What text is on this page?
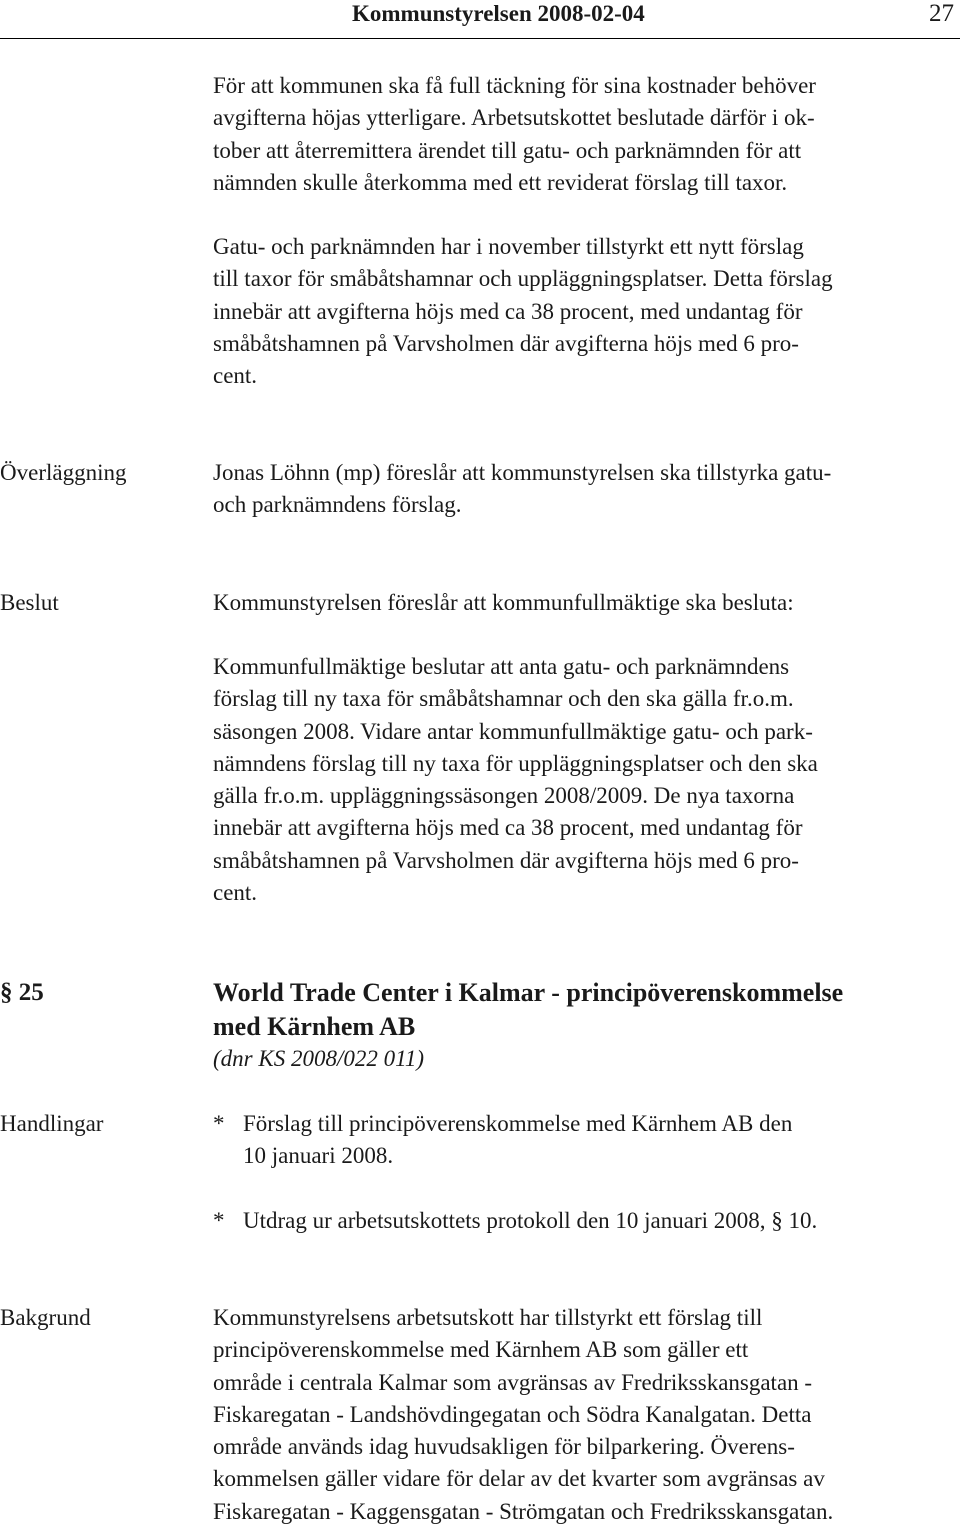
Kommunstyrelsen 2008-02-04	27

För att kommunen ska få full täckning för sina kostnader behöver
avgifterna höjas ytterligare. Arbetsutskottet beslutade därför i ok-
tober att återremittera ärendet till gatu- och parknämnden för att
nämnden skulle återkomma med ett reviderat förslag till taxor.

Gatu- och parknämnden har i november tillstyrkt ett nytt förslag
till taxor för småbåtshamnar och uppläggningsplatser. Detta förslag
innebär att avgifterna höjs med ca 38 procent, med undantag för
småbåtshamnen på Varvsholmen där avgifterna höjs med 6 pro-
cent.

Överläggning	Jonas Löhnn (mp) föreslår att kommunstyrelsen ska tillstyrka gatu-
och parknämndens förslag.

Beslut	Kommunstyrelsen föreslår att kommunfullmäktige ska besluta:

Kommunfullmäktige beslutar att anta gatu- och parknämndens
förslag till ny taxa för småbåtshamnar och den ska gälla fr.o.m.
säsongen 2008. Vidare antar kommunfullmäktige gatu- och park-
nämndens förslag till ny taxa för uppläggningsplatser och den ska
gälla fr.o.m. uppläggningssäsongen 2008/2009. De nya taxorna
innebär att avgifterna höjs med ca 38 procent, med undantag för
småbåtshamnen på Varvsholmen där avgifterna höjs med 6 pro-
cent.

§ 25	World Trade Center i Kalmar - principöverenskommelse
med Kärnhem AB

(dnr KS 2008/022 011)
Handlingar	* Förslag till principöverenskommelse med Kärnhem AB den
10 januari 2008.

* Utdrag ur arbetsutskottets protokoll den 10 januari 2008, § 10.

Bakgrund	Kommunstyrelsens arbetsutskott har tillstyrkt ett förslag till
principöverenskommelse med Kärnhem AB som gäller ett
område i centrala Kalmar som avgränsas av Fredriksskansgatan -
Fiskaregatan - Landshövdingegatan och Södra Kanalgatan. Detta
område används idag huvudsakligen för bilparkering. Överens-
kommelsen gäller vidare för delar av det kvarter som avgränsas av
Fiskaregatan - Kaggensgatan - Strömgatan och Fredriksskansgatan.
